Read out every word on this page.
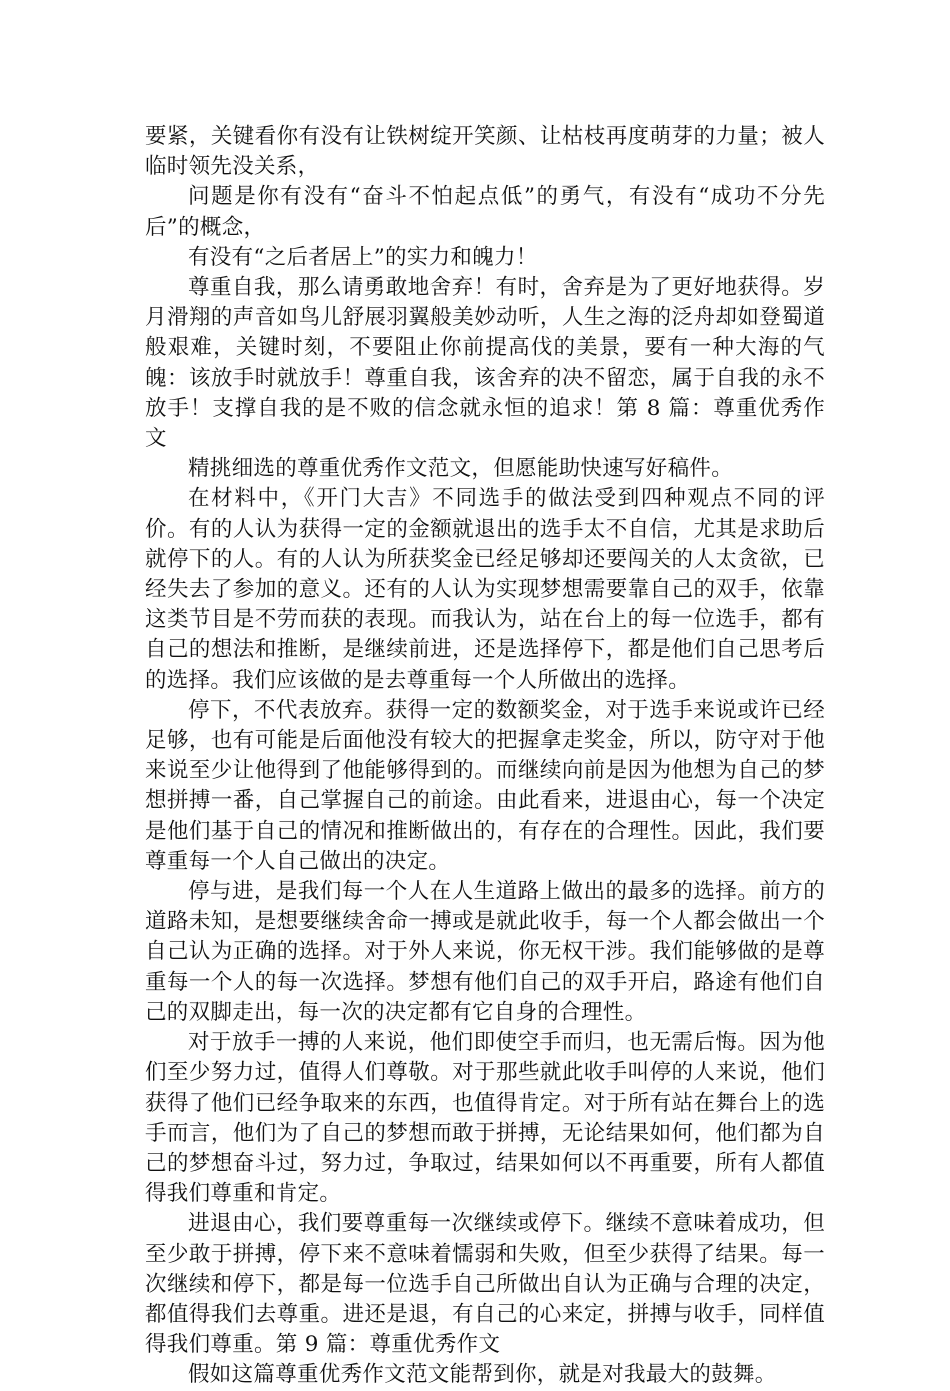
要紧，关键看你有没有让铁树绽开笑颜、让枯枝再度萌芽的力量；被人临时领先没关系，

问题是你有没有“奋斗不怕起点低”的勇气，有没有“成功不分先后”的概念，

有没有“之后者居上”的实力和魄力！

尊重自我，那么请勇敢地舍弃！有时，舍弃是为了更好地获得。岁月滑翔的声音如鸟儿舒展羽翼般美妙动听，人生之海的泛舟却如登蜀道般艰难，关键时刻，不要阻止你前提高伐的美景，要有一种大海的气魄：该放手时就放手！尊重自我，该舍弃的决不留恋，属于自我的永不放手！支撑自我的是不败的信念就永恒的追求！第 8 篇：尊重优秀作文

精挑细选的尊重优秀作文范文，但愿能助快速写好稿件。

在材料中，《开门大吉》不同选手的做法受到四种观点不同的评价。有的人认为获得一定的金额就退出的选手太不自信，尤其是求助后就停下的人。有的人认为所获奖金已经足够却还要闯关的人太贪欲，已经失去了参加的意义。还有的人认为实现梦想需要靠自己的双手，依靠这类节目是不劳而获的表现。而我认为，站在台上的每一位选手，都有自己的想法和推断，是继续前进，还是选择停下，都是他们自己思考后的选择。我们应该做的是去尊重每一个人所做出的选择。

停下，不代表放弃。获得一定的数额奖金，对于选手来说或许已经足够，也有可能是后面他没有较大的把握拿走奖金，所以，防守对于他来说至少让他得到了他能够得到的。而继续向前是因为他想为自己的梦想拼搏一番，自己掌握自己的前途。由此看来，进退由心，每一个决定是他们基于自己的情况和推断做出的，有存在的合理性。因此，我们要尊重每一个人自己做出的决定。

停与进，是我们每一个人在人生道路上做出的最多的选择。前方的道路未知，是想要继续舍命一搏或是就此收手，每一个人都会做出一个自己认为正确的选择。对于外人来说，你无权干涉。我们能够做的是尊重每一个人的每一次选择。梦想有他们自己的双手开启，路途有他们自己的双脚走出，每一次的决定都有它自身的合理性。

对于放手一搏的人来说，他们即使空手而归，也无需后悔。因为他们至少努力过，值得人们尊敬。对于那些就此收手叫停的人来说，他们获得了他们已经争取来的东西，也值得肯定。对于所有站在舞台上的选手而言，他们为了自己的梦想而敢于拼搏，无论结果如何，他们都为自己的梦想奋斗过，努力过，争取过，结果如何以不再重要，所有人都值得我们尊重和肯定。

进退由心，我们要尊重每一次继续或停下。继续不意味着成功，但至少敢于拼搏，停下来不意味着懦弱和失败，但至少获得了结果。每一次继续和停下，都是每一位选手自己所做出自认为正确与合理的决定，都值得我们去尊重。进还是退，有自己的心来定，拼搏与收手，同样值得我们尊重。第 9 篇：尊重优秀作文

假如这篇尊重优秀作文范文能帮到你，就是对我最大的鼓舞。
